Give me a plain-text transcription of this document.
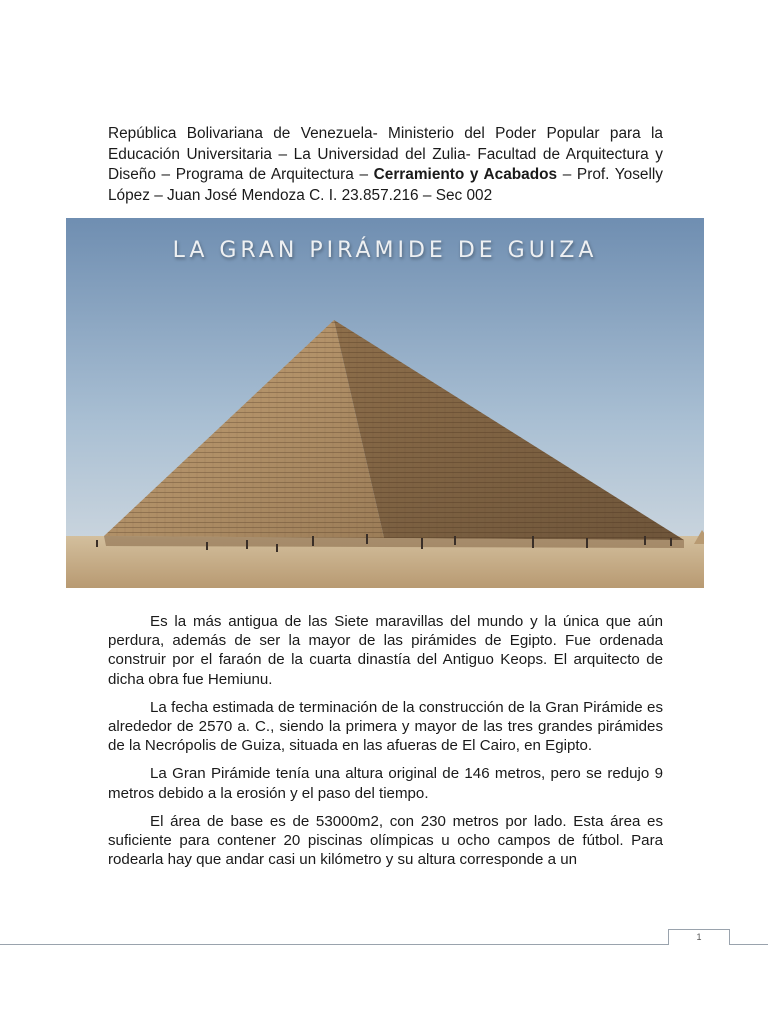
República Bolivariana de Venezuela- Ministerio del Poder Popular para la Educación Universitaria – La Universidad del Zulia- Facultad de Arquitectura y Diseño – Programa de Arquitectura – Cerramiento y Acabados – Prof. Yoselly López – Juan José Mendoza C. I. 23.857.216 – Sec 002
LA GRAN PIRÁMIDE DE GUIZA

Es la más antigua de las Siete maravillas del mundo y la única que aún perdura, además de ser la mayor de las pirámides de Egipto. Fue ordenada construir por el faraón de la cuarta dinastía del Antiguo Keops. El arquitecto de dicha obra fue Hemiunu.

La fecha estimada de terminación de la construcción de la Gran Pirámide es alrededor de 2570 a. C., siendo la primera y mayor de las tres grandes pirámides de la Necrópolis de Guiza, situada en las afueras de El Cairo, en Egipto.

La Gran Pirámide tenía una altura original de 146 metros, pero se redujo 9 metros debido a la erosión y el paso del tiempo.

El área de base es de 53000m2, con 230 metros por lado. Esta área es suficiente para contener 20 piscinas olímpicas u ocho campos de fútbol. Para rodearla hay que andar casi un kilómetro y su altura corresponde a un

1
